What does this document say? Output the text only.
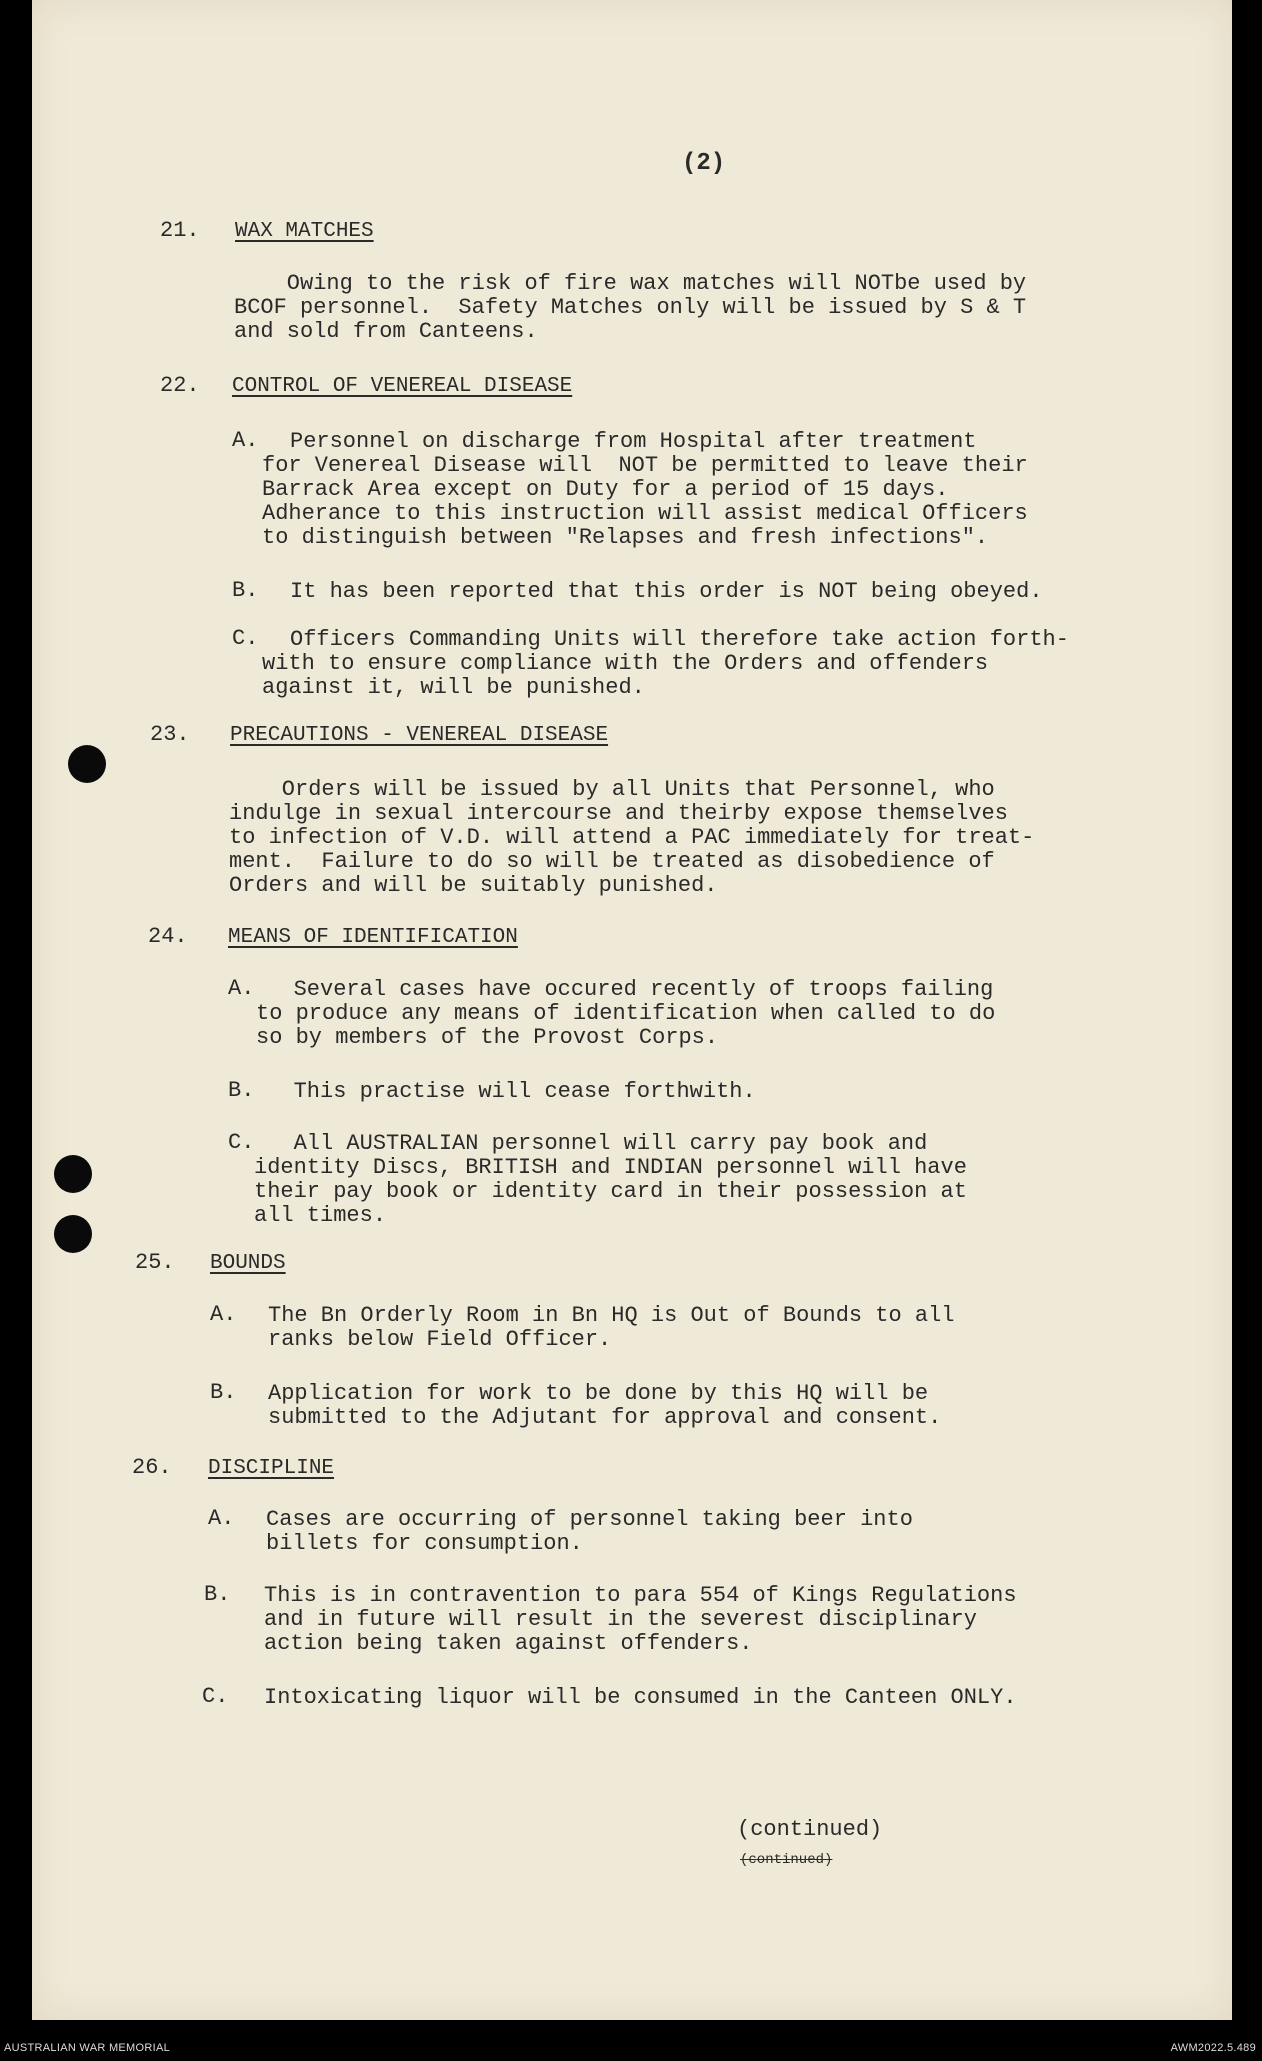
(2)
21. WAX MATCHES
Owing to the risk of fire wax matches will NOTbe used by
BCOF personnel.  Safety Matches only will be issued by S & T
and sold from Canteens.
22. CONTROL OF VENEREAL DISEASE
A. Personnel on discharge from Hospital after treatment
for Venereal Disease will  NOT be permitted to leave their
Barrack Area except on Duty for a period of 15 days.
Adherance to this instruction will assist medical Officers
to distinguish between "Relapses and fresh infections".
B. It has been reported that this order is NOT being obeyed.
C. Officers Commanding Units will therefore take action forth-
with to ensure compliance with the Orders and offenders
against it, will be punished.
23. PRECAUTIONS - VENEREAL DISEASE
Orders will be issued by all Units that Personnel, who
indulge in sexual intercourse and theirby expose themselves
to infection of V.D. will attend a PAC immediately for treat-
ment.  Failure to do so will be treated as disobedience of
Orders and will be suitably punished.
24. MEANS OF IDENTIFICATION
A. Several cases have occured recently of troops failing
to produce any means of identification when called to do
so by members of the Provost Corps.
B. This practise will cease forthwith.
C. All AUSTRALIAN personnel will carry pay book and
identity Discs, BRITISH and INDIAN personnel will have
their pay book or identity card in their possession at
all times.
25. BOUNDS
A. The Bn Orderly Room in Bn HQ is Out of Bounds to all
ranks below Field Officer.
B. Application for work to be done by this HQ will be
submitted to the Adjutant for approval and consent.
26. DISCIPLINE
A. Cases are occurring of personnel taking beer into
billets for consumption.
B. This is in contravention to para 554 of Kings Regulations
and in future will result in the severest disciplinary
action being taken against offenders.
C. Intoxicating liquor will be consumed in the Canteen ONLY.
(continued)
(continued)
AUSTRALIAN WAR MEMORIAL	AWM2022.5.489
